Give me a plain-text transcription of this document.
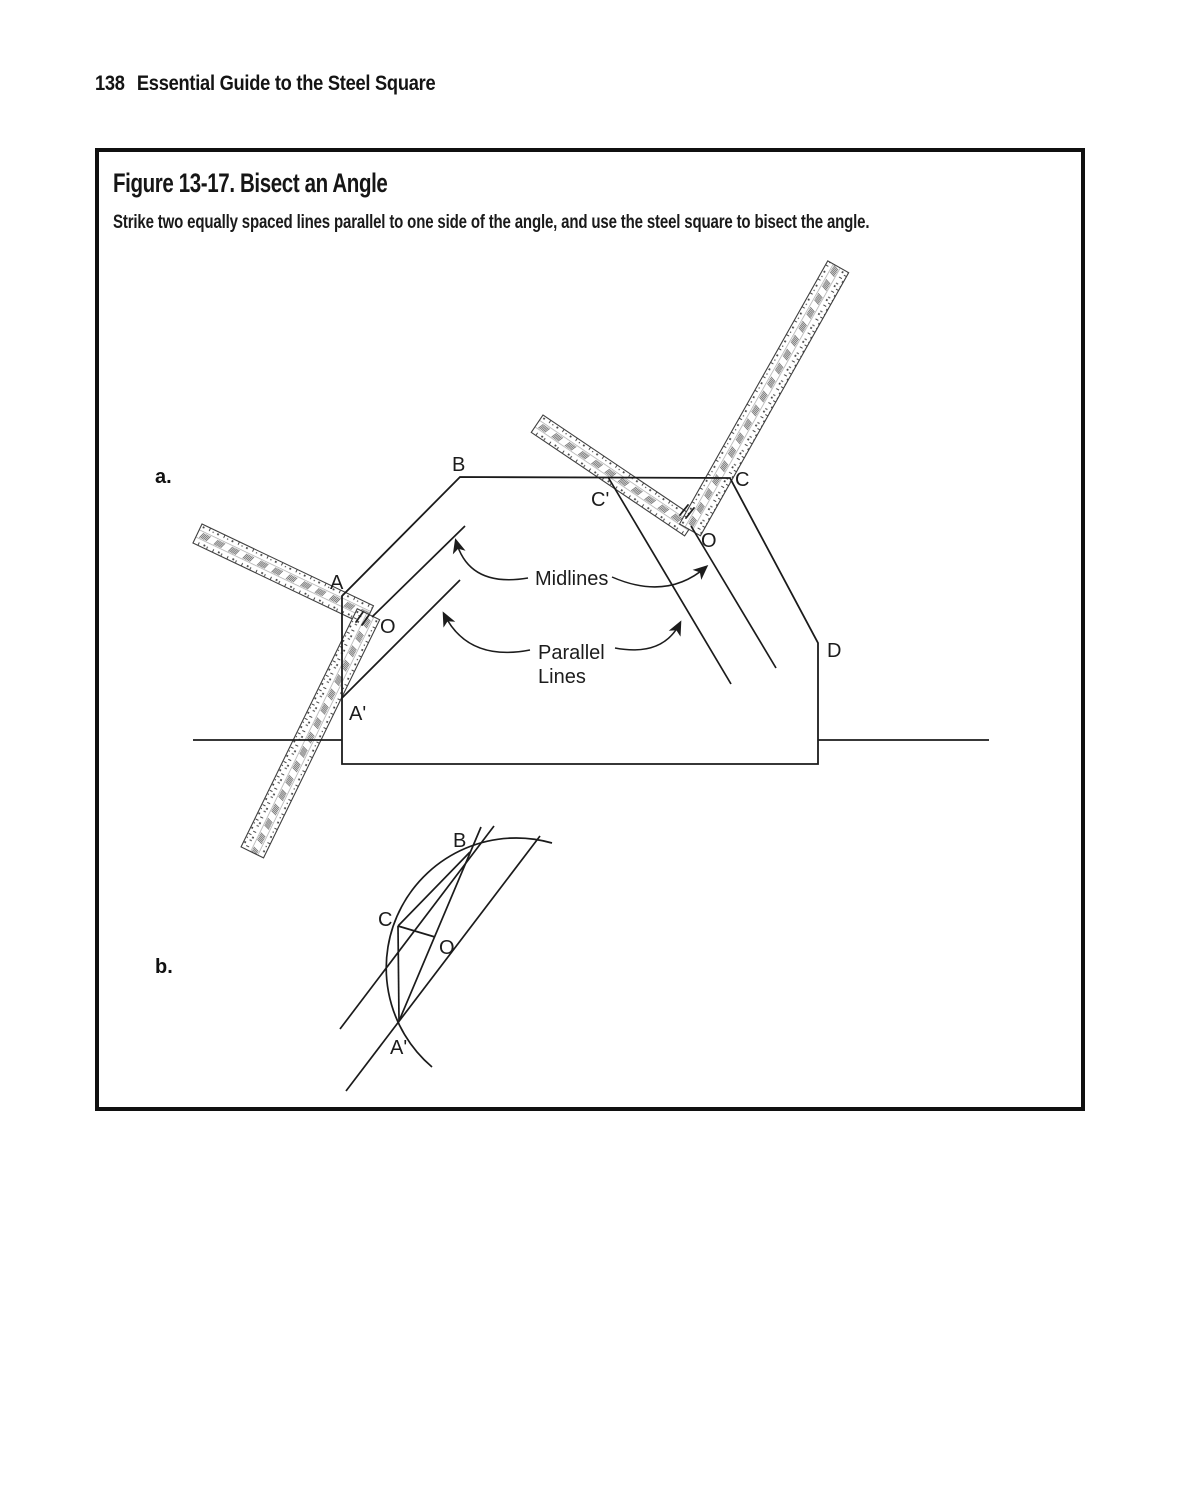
138 Essential Guide to the Steel Square
Figure 13-17. Bisect an Angle
Strike two equally spaced lines parallel to one side of the angle, and use the steel square to bisect the angle.
a.
A
B
C
C'
D
O
O
A'
Midlines
Parallel
Lines
b.
B
C
O
A'
